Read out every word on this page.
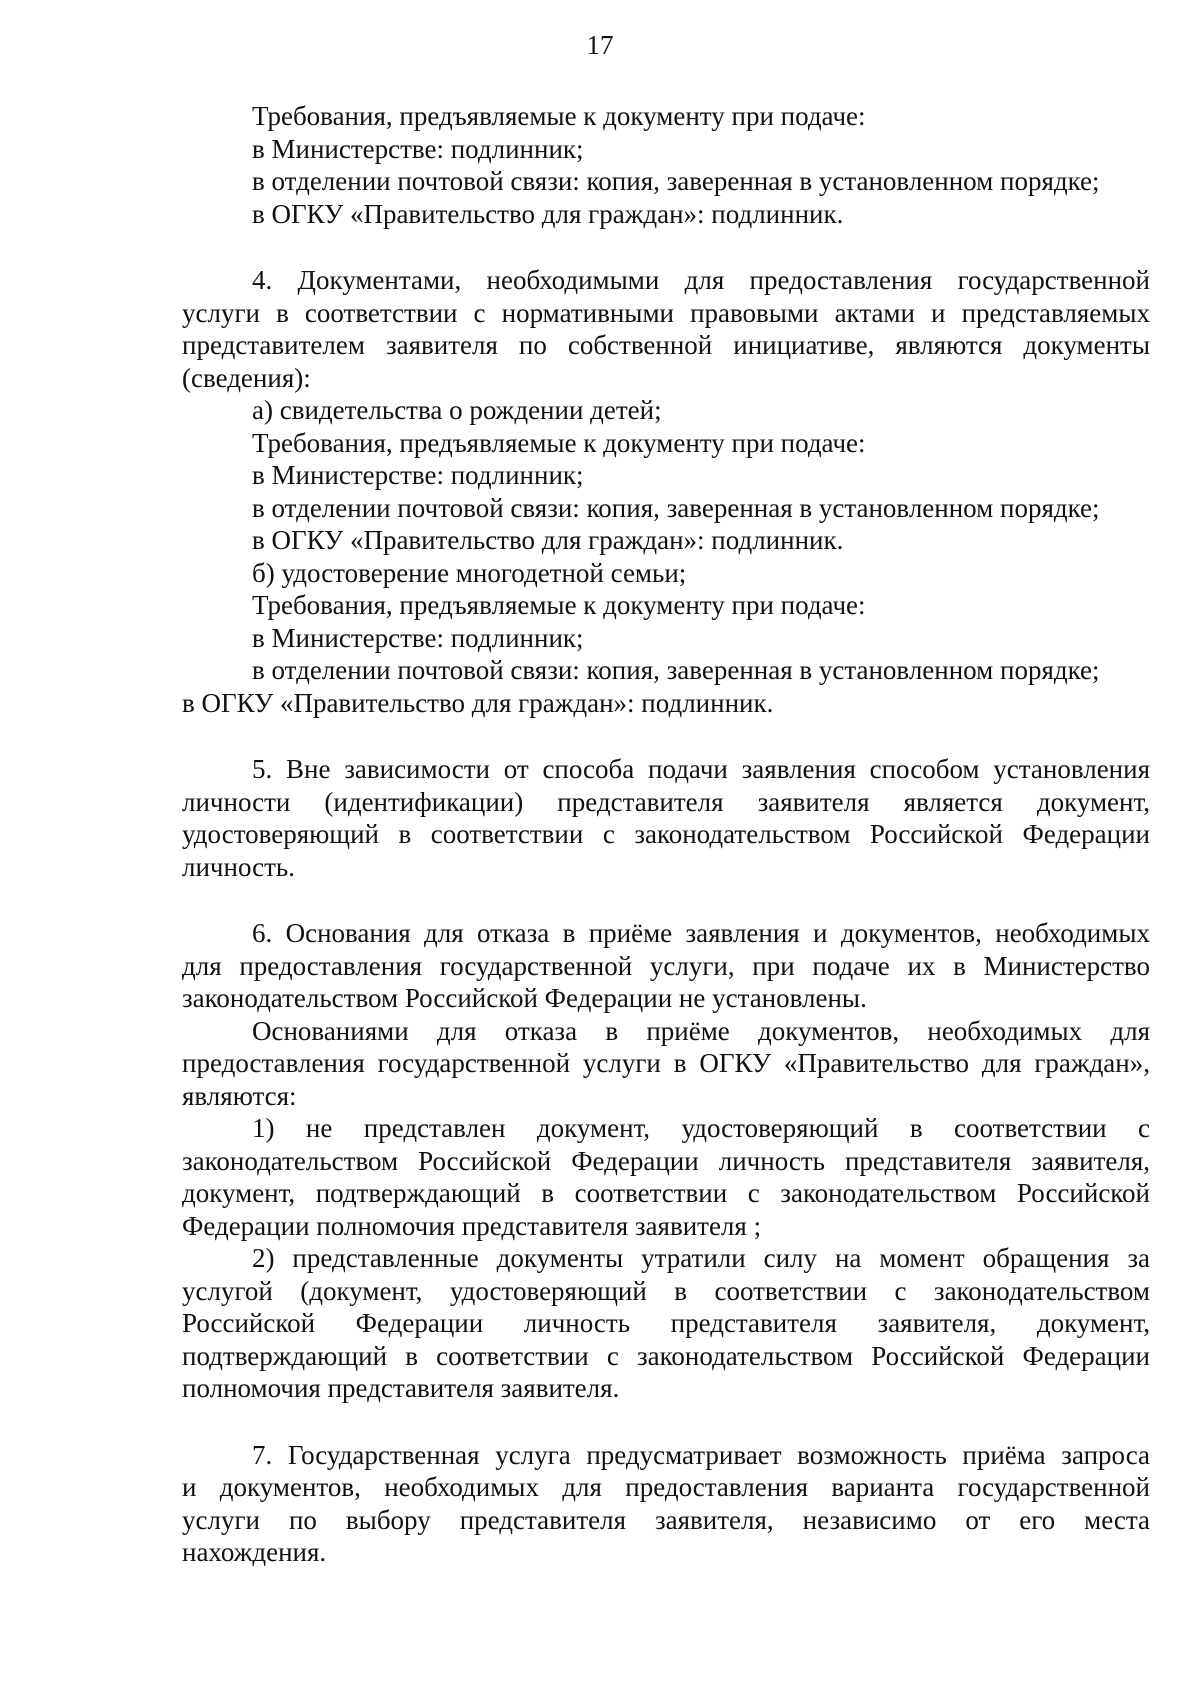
17

Требования, предъявляемые к документу при подаче:

в Министерстве: подлинник;

в отделении почтовой связи: копия, заверенная в установленном порядке;

в ОГКУ «Правительство для граждан»: подлинник.

4. Документами, необходимыми для предоставления государственной

услуги в соответствии с нормативными правовыми актами и представляемых

представителем заявителя по собственной инициативе, являются документы

(сведения):

а) свидетельства о рождении детей;

Требования, предъявляемые к документу при подаче:

в Министерстве: подлинник;

в отделении почтовой связи: копия, заверенная в установленном порядке;

в ОГКУ «Правительство для граждан»: подлинник.

б) удостоверение многодетной семьи;

Требования, предъявляемые к документу при подаче:

в Министерстве: подлинник;

в отделении почтовой связи: копия, заверенная в установленном порядке;

в ОГКУ «Правительство для граждан»: подлинник.

5. Вне зависимости от способа подачи заявления способом установления

личности (идентификации) представителя заявителя является документ,

удостоверяющий в соответствии с законодательством Российской Федерации

личность.

6. Основания для отказа в приёме заявления и документов, необходимых

для предоставления государственной услуги, при подаче их в Министерство

законодательством Российской Федерации не установлены.

Основаниями для отказа в приёме документов, необходимых для

предоставления государственной услуги в ОГКУ «Правительство для граждан»,

являются:

1) не представлен документ, удостоверяющий в соответствии с

законодательством Российской Федерации личность представителя заявителя,

документ, подтверждающий в соответствии с законодательством Российской

Федерации полномочия представителя заявителя ;

2) представленные документы утратили силу на момент обращения за

услугой (документ, удостоверяющий в соответствии с законодательством

Российской Федерации личность представителя заявителя, документ,

подтверждающий в соответствии с законодательством Российской Федерации

полномочия представителя заявителя.

7. Государственная услуга предусматривает возможность приёма запроса

и документов, необходимых для предоставления варианта государственной

услуги по выбору представителя заявителя, независимо от его места

нахождения.
